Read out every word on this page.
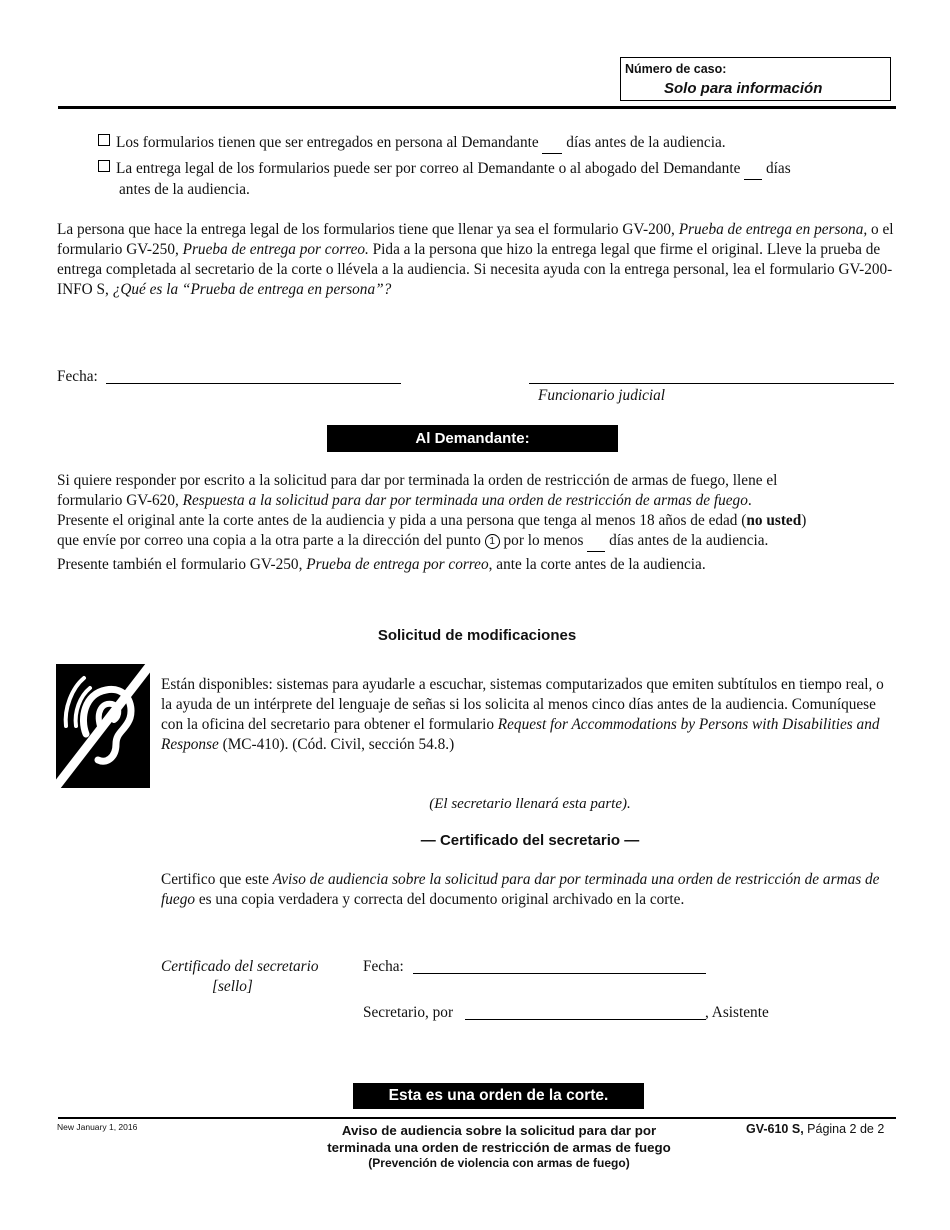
Número de caso:
Solo para información
Los formularios tienen que ser entregados en persona al Demandante días antes de la audiencia.
La entrega legal de los formularios puede ser por correo al Demandante o al abogado del Demandante días
antes de la audiencia.
La persona que hace la entrega legal de los formularios tiene que llenar ya sea el formulario GV-200, Prueba de entrega en persona, o el formulario GV-250, Prueba de entrega por correo. Pida a la persona que hizo la entrega legal que firme el original. Lleve la prueba de entrega completada al secretario de la corte o llévela a la audiencia. Si necesita ayuda con la entrega personal, lea el formulario GV-200-INFO S, ¿Qué es la “Prueba de entrega en persona”?
Fecha:
Funcionario judicial
Al Demandante:
Si quiere responder por escrito a la solicitud para dar por terminada la orden de restricción de armas de fuego, llene el
formulario GV-620, Respuesta a la solicitud para dar por terminada una orden de restricción de armas de fuego.
Presente el original ante la corte antes de la audiencia y pida a una persona que tenga al menos 18 años de edad (no usted)
que envíe por correo una copia a la otra parte a la dirección del punto 1 por lo menos días antes de la audiencia.
Presente también el formulario GV-250, Prueba de entrega por correo, ante la corte antes de la audiencia.
Solicitud de modificaciones
Están disponibles: sistemas para ayudarle a escuchar, sistemas computarizados que emiten subtítulos en tiempo real, o la ayuda de un intérprete del lenguaje de señas si los solicita al menos cinco días antes de la audiencia. Comuníquese con la oficina del secretario para obtener el formulario Request for Accommodations by Persons with Disabilities and Response (MC-410). (Cód. Civil, sección 54.8.)
(El secretario llenará esta parte).
— Certificado del secretario —
Certifico que este Aviso de audiencia sobre la solicitud para dar por terminada una orden de restricción de armas de fuego es una copia verdadera y correcta del documento original archivado en la corte.
Certificado del secretario
[sello]
Fecha:
Secretario, por	, Asistente
Esta es una orden de la corte.
New January 1, 2016	Aviso de audiencia sobre la solicitud para dar por
terminada una orden de restricción de armas de fuego
(Prevención de violencia con armas de fuego)
GV-610 S, Página 2 de 2
